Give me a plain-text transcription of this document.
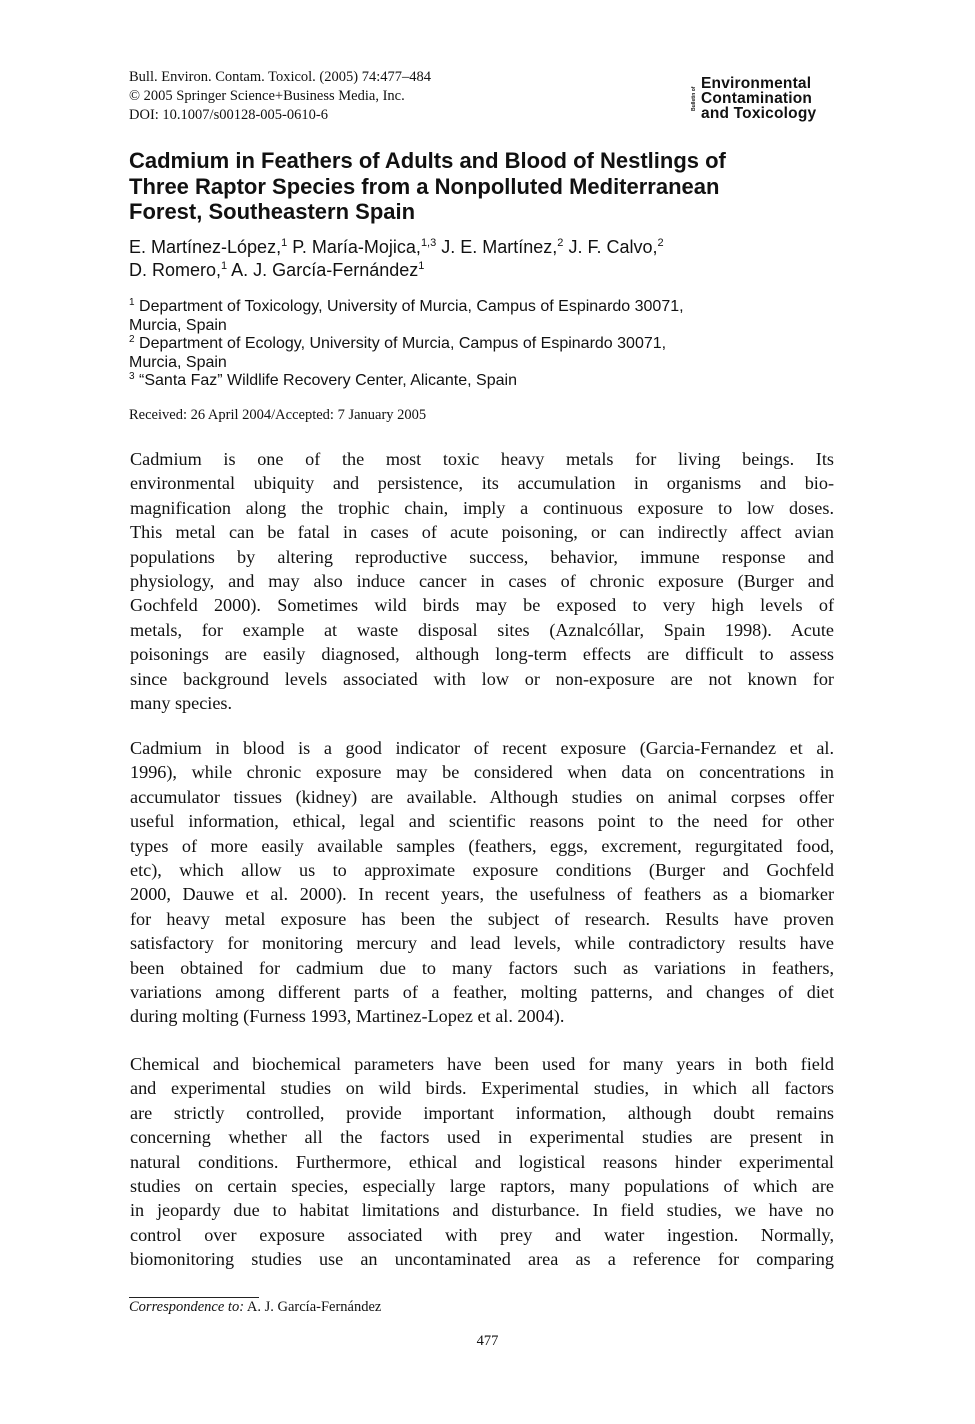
Bull. Environ. Contam. Toxicol. (2005) 74:477–484
© 2005 Springer Science+Business Media, Inc.
DOI: 10.1007/s00128-005-0610-6
Bulletin of
Environmental
Contamination
and Toxicology
Cadmium in Feathers of Adults and Blood of Nestlings of
Three Raptor Species from a Nonpolluted Mediterranean
Forest, Southeastern Spain
E. Martínez-López,$^1$ P. María-Mojica,$^{1,3}$ J. E. Martínez,$^2$ J. F. Calvo,$^2$
D. Romero,$^1$ A. J. García-Fernández$^1$
$^1$ Department of Toxicology, University of Murcia, Campus of Espinardo 30071,
Murcia, Spain
$^2$ Department of Ecology, University of Murcia, Campus of Espinardo 30071,
Murcia, Spain
$^3$ “Santa Faz” Wildlife Recovery Center, Alicante, Spain
Received: 26 April 2004/Accepted: 7 January 2005
Cadmium is one of the most toxic heavy metals for living beings. Its
environmental ubiquity and persistence, its accumulation in organisms and bio-
magnification along the trophic chain, imply a continuous exposure to low doses.
This metal can be fatal in cases of acute poisoning, or can indirectly affect avian
populations by altering reproductive success, behavior, immune response and
physiology, and may also induce cancer in cases of chronic exposure (Burger and
Gochfeld 2000). Sometimes wild birds may be exposed to very high levels of
metals, for example at waste disposal sites (Aznalcóllar, Spain 1998). Acute
poisonings are easily diagnosed, although long-term effects are difficult to assess
since background levels associated with low or non-exposure are not known for
many species.
Cadmium in blood is a good indicator of recent exposure (Garcia-Fernandez et al.
1996), while chronic exposure may be considered when data on concentrations in
accumulator tissues (kidney) are available. Although studies on animal corpses offer
useful information, ethical, legal and scientific reasons point to the need for other
types of more easily available samples (feathers, eggs, excrement, regurgitated food,
etc), which allow us to approximate exposure conditions (Burger and Gochfeld
2000, Dauwe et al. 2000). In recent years, the usefulness of feathers as a biomarker
for heavy metal exposure has been the subject of research. Results have proven
satisfactory for monitoring mercury and lead levels, while contradictory results have
been obtained for cadmium due to many factors such as variations in feathers,
variations among different parts of a feather, molting patterns, and changes of diet
during molting (Furness 1993, Martinez-Lopez et al. 2004).
Chemical and biochemical parameters have been used for many years in both field
and experimental studies on wild birds. Experimental studies, in which all factors
are strictly controlled, provide important information, although doubt remains
concerning whether all the factors used in experimental studies are present in
natural conditions. Furthermore, ethical and logistical reasons hinder experimental
studies on certain species, especially large raptors, many populations of which are
in jeopardy due to habitat limitations and disturbance. In field studies, we have no
control over exposure associated with prey and water ingestion. Normally,
biomonitoring studies use an uncontaminated area as a reference for comparing
Correspondence to: A. J. García-Fernández
477
